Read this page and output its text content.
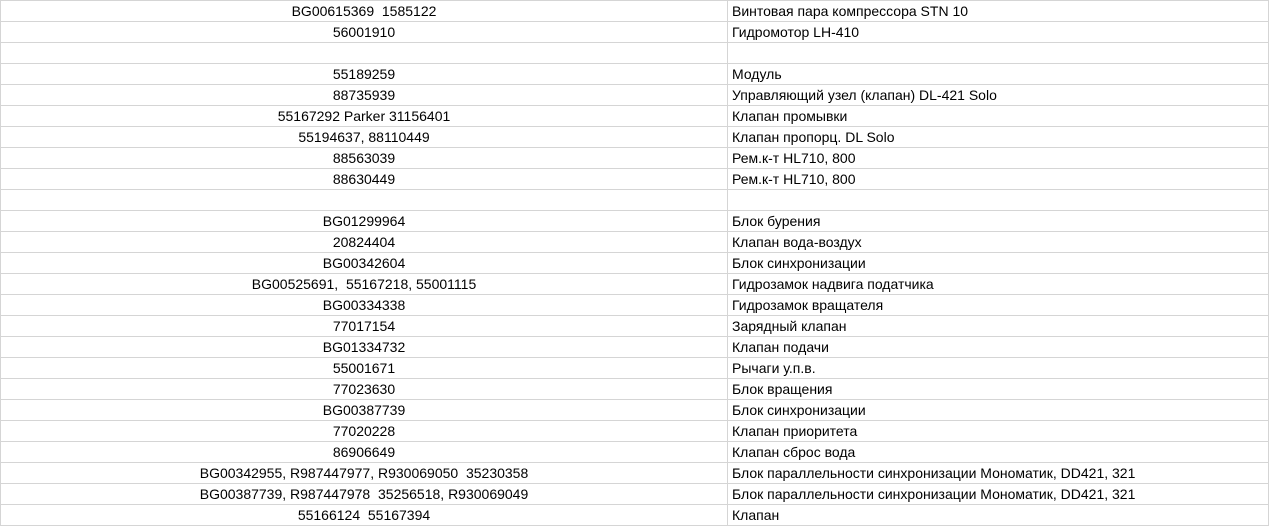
BG00615369  1585122	Винтовая пара компрессора STN 10	
56001910	Гидромотор LH-410	

55189259	Модуль	
88735939	Управляющий узел (клапан) DL-421 Solo	
55167292 Parker 31156401	Клапан промывки	
55194637, 88110449	Клапан пропорц. DL Solo	
88563039	Рем.к-т HL710, 800	
88630449	Рем.к-т HL710, 800	

BG01299964	Блок бурения	
20824404	Клапан вода-воздух	
BG00342604	Блок синхронизации	
BG00525691,  55167218, 55001115	Гидрозамок надвига податчика	
BG00334338	Гидрозамок вращателя	
77017154	Зарядный клапан	
BG01334732	Клапан подачи	
55001671	Рычаги у.п.в.	
77023630	Блок вращения	
BG00387739	Блок синхронизации	
77020228	Клапан приоритета	
86906649	Клапан сброс вода	
BG00342955, R987447977, R930069050  35230358	Блок параллельности синхронизации Мономатик, DD421, 321	
BG00387739, R987447978  35256518, R930069049	Блок параллельности синхронизации Мономатик, DD421, 321	
55166124  55167394	Клапан	
